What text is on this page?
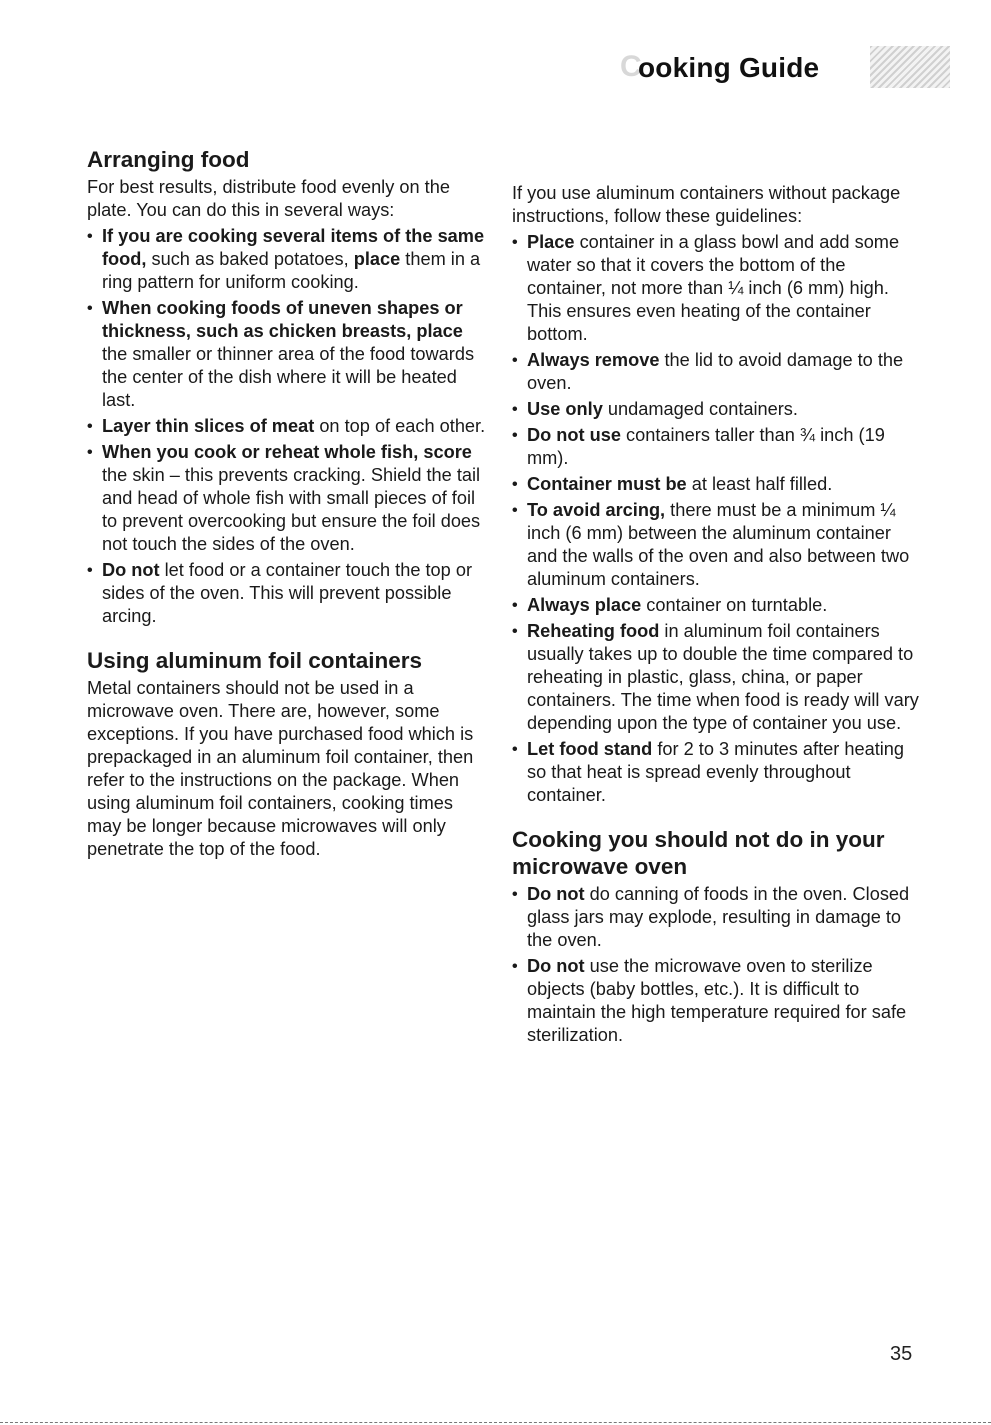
C
ooking Guide
Arranging food

For best results, distribute food evenly on the plate. You can do this in several ways:

• If you are cooking several items of the same food, such as baked potatoes, place them in a ring pattern for uniform cooking.
• When cooking foods of uneven shapes or thickness, such as chicken breasts, place the smaller or thinner area of the food towards the center of the dish where it will be heated last.
• Layer thin slices of meat on top of each other.
• When you cook or reheat whole fish, score the skin – this prevents cracking. Shield the tail and head of whole fish with small pieces of foil to prevent overcooking but ensure the foil does not touch the sides of the oven.
• Do not let food or a container touch the top or sides of the oven. This will prevent possible arcing.
Using aluminum foil containers

Metal containers should not be used in a microwave oven. There are, however, some exceptions. If you have purchased food which is prepackaged in an aluminum foil container, then refer to the instructions on the package. When using aluminum foil containers, cooking times may be longer because microwaves will only penetrate the top of the food.

If you use aluminum containers without package instructions, follow these guidelines:

• Place container in a glass bowl and add some water so that it covers the bottom of the container, not more than ¼ inch (6 mm) high. This ensures even heating of the container bottom.
• Always remove the lid to avoid damage to the oven.
• Use only undamaged containers.
• Do not use containers taller than ¾ inch (19 mm).
• Container must be at least half filled.
• To avoid arcing, there must be a minimum ¼ inch (6 mm) between the aluminum container and the walls of the oven and also between two aluminum containers.
• Always place container on turntable.
• Reheating food in aluminum foil containers usually takes up to double the time compared to reheating in plastic, glass, china, or paper containers. The time when food is ready will vary depending upon the type of container you use.
• Let food stand for 2 to 3 minutes after heating so that heat is spread evenly throughout container.
Cooking you should not do in your microwave oven
• Do not do canning of foods in the oven. Closed glass jars may explode, resulting in damage to the oven.
• Do not use the microwave oven to sterilize objects (baby bottles, etc.). It is difficult to maintain the high temperature required for safe sterilization.
35
